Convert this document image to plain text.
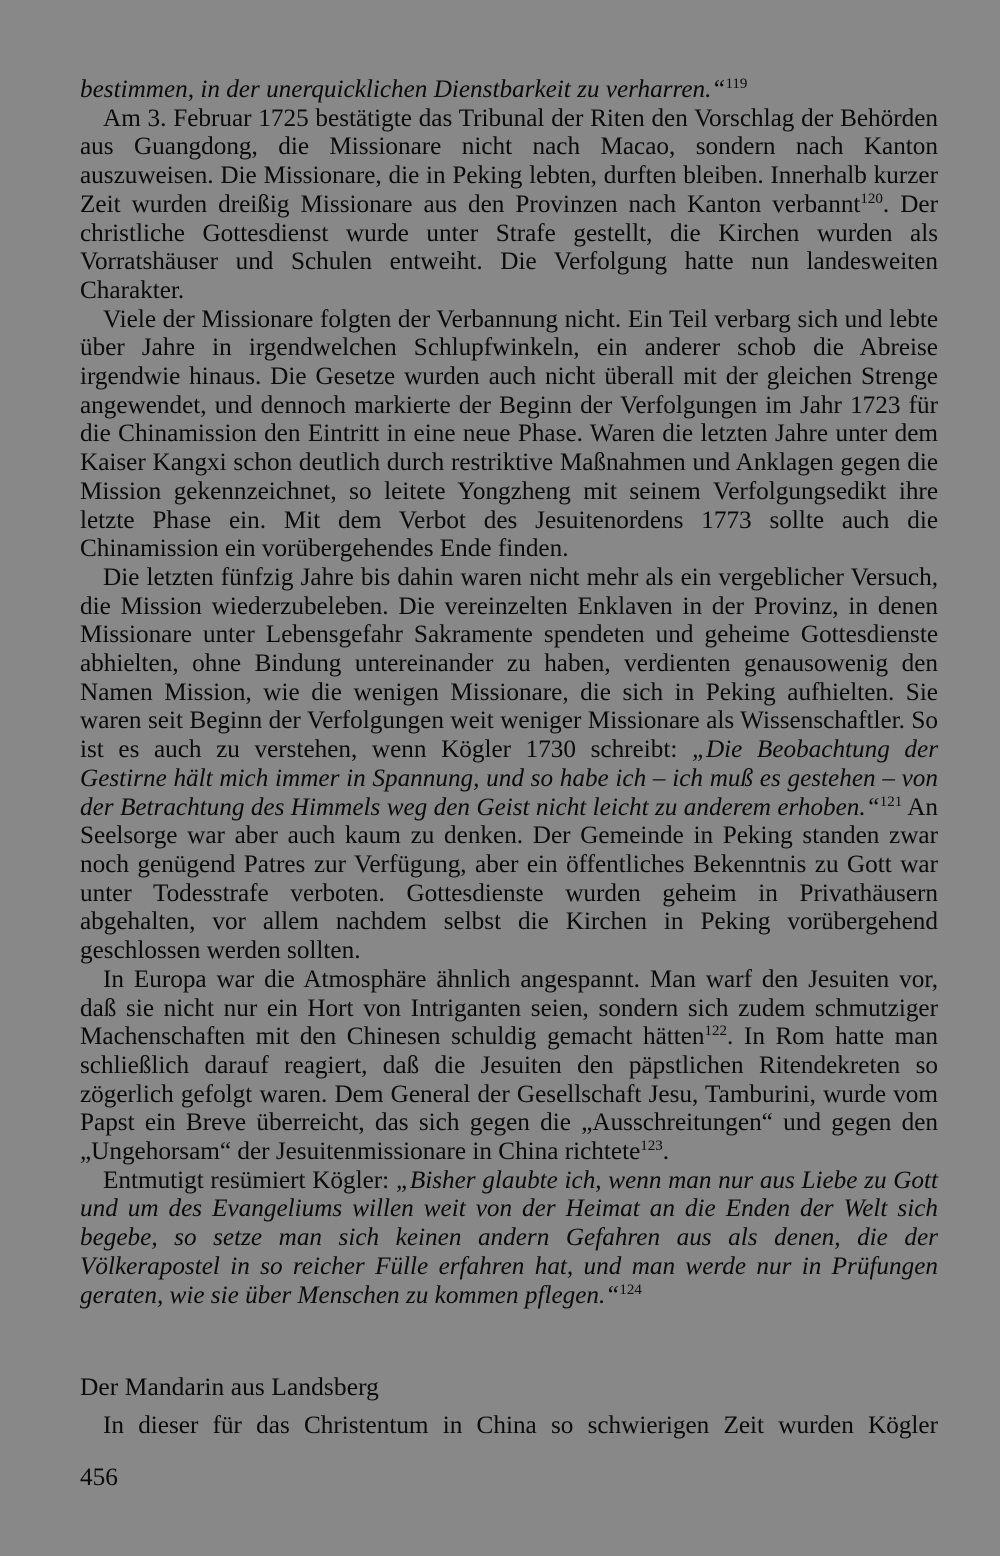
bestimmen, in der unerquicklichen Dienstbarkeit zu verharren.“$^{119}$

Am 3. Februar 1725 bestätigte das Tribunal der Riten den Vorschlag der Behörden aus Guangdong, die Missionare nicht nach Macao, sondern nach Kanton auszuweisen. Die Missionare, die in Peking lebten, durften bleiben. Innerhalb kurzer Zeit wurden dreißig Missionare aus den Provinzen nach Kanton verbannt$^{120}$. Der christliche Gottesdienst wurde unter Strafe gestellt, die Kirchen wurden als Vorratshäuser und Schulen entweiht. Die Verfolgung hatte nun landesweiten Charakter.

Viele der Missionare folgten der Verbannung nicht. Ein Teil verbarg sich und lebte über Jahre in irgendwelchen Schlupfwinkeln, ein anderer schob die Abreise irgendwie hinaus. Die Gesetze wurden auch nicht überall mit der gleichen Strenge angewendet, und dennoch markierte der Beginn der Verfolgungen im Jahr 1723 für die Chinamission den Eintritt in eine neue Phase. Waren die letzten Jahre unter dem Kaiser Kangxi schon deutlich durch restriktive Maßnahmen und Anklagen gegen die Mission gekennzeichnet, so leitete Yongzheng mit seinem Verfolgungsedikt ihre letzte Phase ein. Mit dem Verbot des Jesuitenordens 1773 sollte auch die Chinamission ein vorübergehendes Ende finden.

Die letzten fünfzig Jahre bis dahin waren nicht mehr als ein vergeblicher Versuch, die Mission wiederzubeleben. Die vereinzelten Enklaven in der Provinz, in denen Missionare unter Lebensgefahr Sakramente spendeten und geheime Gottesdienste abhielten, ohne Bindung untereinander zu haben, verdienten genausowenig den Namen Mission, wie die wenigen Missionare, die sich in Peking aufhielten. Sie waren seit Beginn der Verfolgungen weit weniger Missionare als Wissenschaftler. So ist es auch zu verstehen, wenn Kögler 1730 schreibt: „Die Beobachtung der Gestirne hält mich immer in Spannung, und so habe ich – ich muß es gestehen – von der Betrachtung des Himmels weg den Geist nicht leicht zu anderem erhoben.“$^{121}$ An Seelsorge war aber auch kaum zu denken. Der Gemeinde in Peking standen zwar noch genügend Patres zur Verfügung, aber ein öffentliches Bekenntnis zu Gott war unter Todesstrafe verboten. Gottesdienste wurden geheim in Privathäusern abgehalten, vor allem nachdem selbst die Kirchen in Peking vorübergehend geschlossen werden sollten.

In Europa war die Atmosphäre ähnlich angespannt. Man warf den Jesuiten vor, daß sie nicht nur ein Hort von Intriganten seien, sondern sich zudem schmutziger Machenschaften mit den Chinesen schuldig gemacht hätten$^{122}$. In Rom hatte man schließlich darauf reagiert, daß die Jesuiten den päpstlichen Ritendekreten so zögerlich gefolgt waren. Dem General der Gesellschaft Jesu, Tamburini, wurde vom Papst ein Breve überreicht, das sich gegen die „Ausschreitungen“ und gegen den „Ungehorsam“ der Jesuitenmissionare in China richtete$^{123}$.

Entmutigt resümiert Kögler: „Bisher glaubte ich, wenn man nur aus Liebe zu Gott und um des Evangeliums willen weit von der Heimat an die Enden der Welt sich begebe, so setze man sich keinen andern Gefahren aus als denen, die der Völkerapostel in so reicher Fülle erfahren hat, und man werde nur in Prüfungen geraten, wie sie über Menschen zu kommen pflegen.“$^{124}$

Der Mandarin aus Landsberg

In dieser für das Christentum in China so schwierigen Zeit wurden Kögler

456
